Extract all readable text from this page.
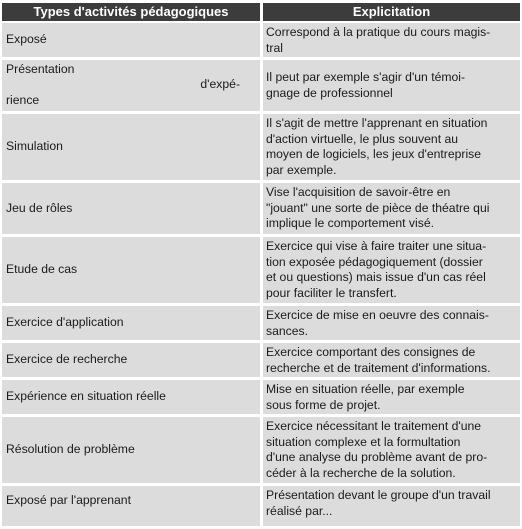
Types d'activités pédagogiques	Explicitation
Exposé
Correspond à la pratique du cours magis-
tral
Présentation
d'expé-
rience
Il peut par exemple s'agir d'un témoi-
gnage de professionnel
Simulation
Il s'agit de mettre l'apprenant en situation
d'action virtuelle, le plus souvent au
moyen de logiciels, les jeux d'entreprise
par exemple.
Jeu de rôles
Vise l'acquisition de savoir-être en
"jouant" une sorte de pièce de théatre qui
implique le comportement visé.
Etude de cas
Exercice qui vise à faire traiter une situa-
tion exposée pédagogiquement (dossier
et ou questions) mais issue d'un cas réel
pour faciliter le transfert.
Exercice d'application
Exercice de mise en oeuvre des connais-
sances.
Exercice de recherche
Exercice comportant des consignes de
recherche et de traitement d'informations.
Expérience en situation réelle
Mise en situation réelle, par exemple
sous forme de projet.
Résolution de problème
Exercice nécessitant le traitement d'une
situation complexe et la formultation
d'une analyse du problème avant de pro-
céder à la recherche de la solution.
Exposé par l'apprenant	Présentation devant le groupe d'un travail
réalisé par...
